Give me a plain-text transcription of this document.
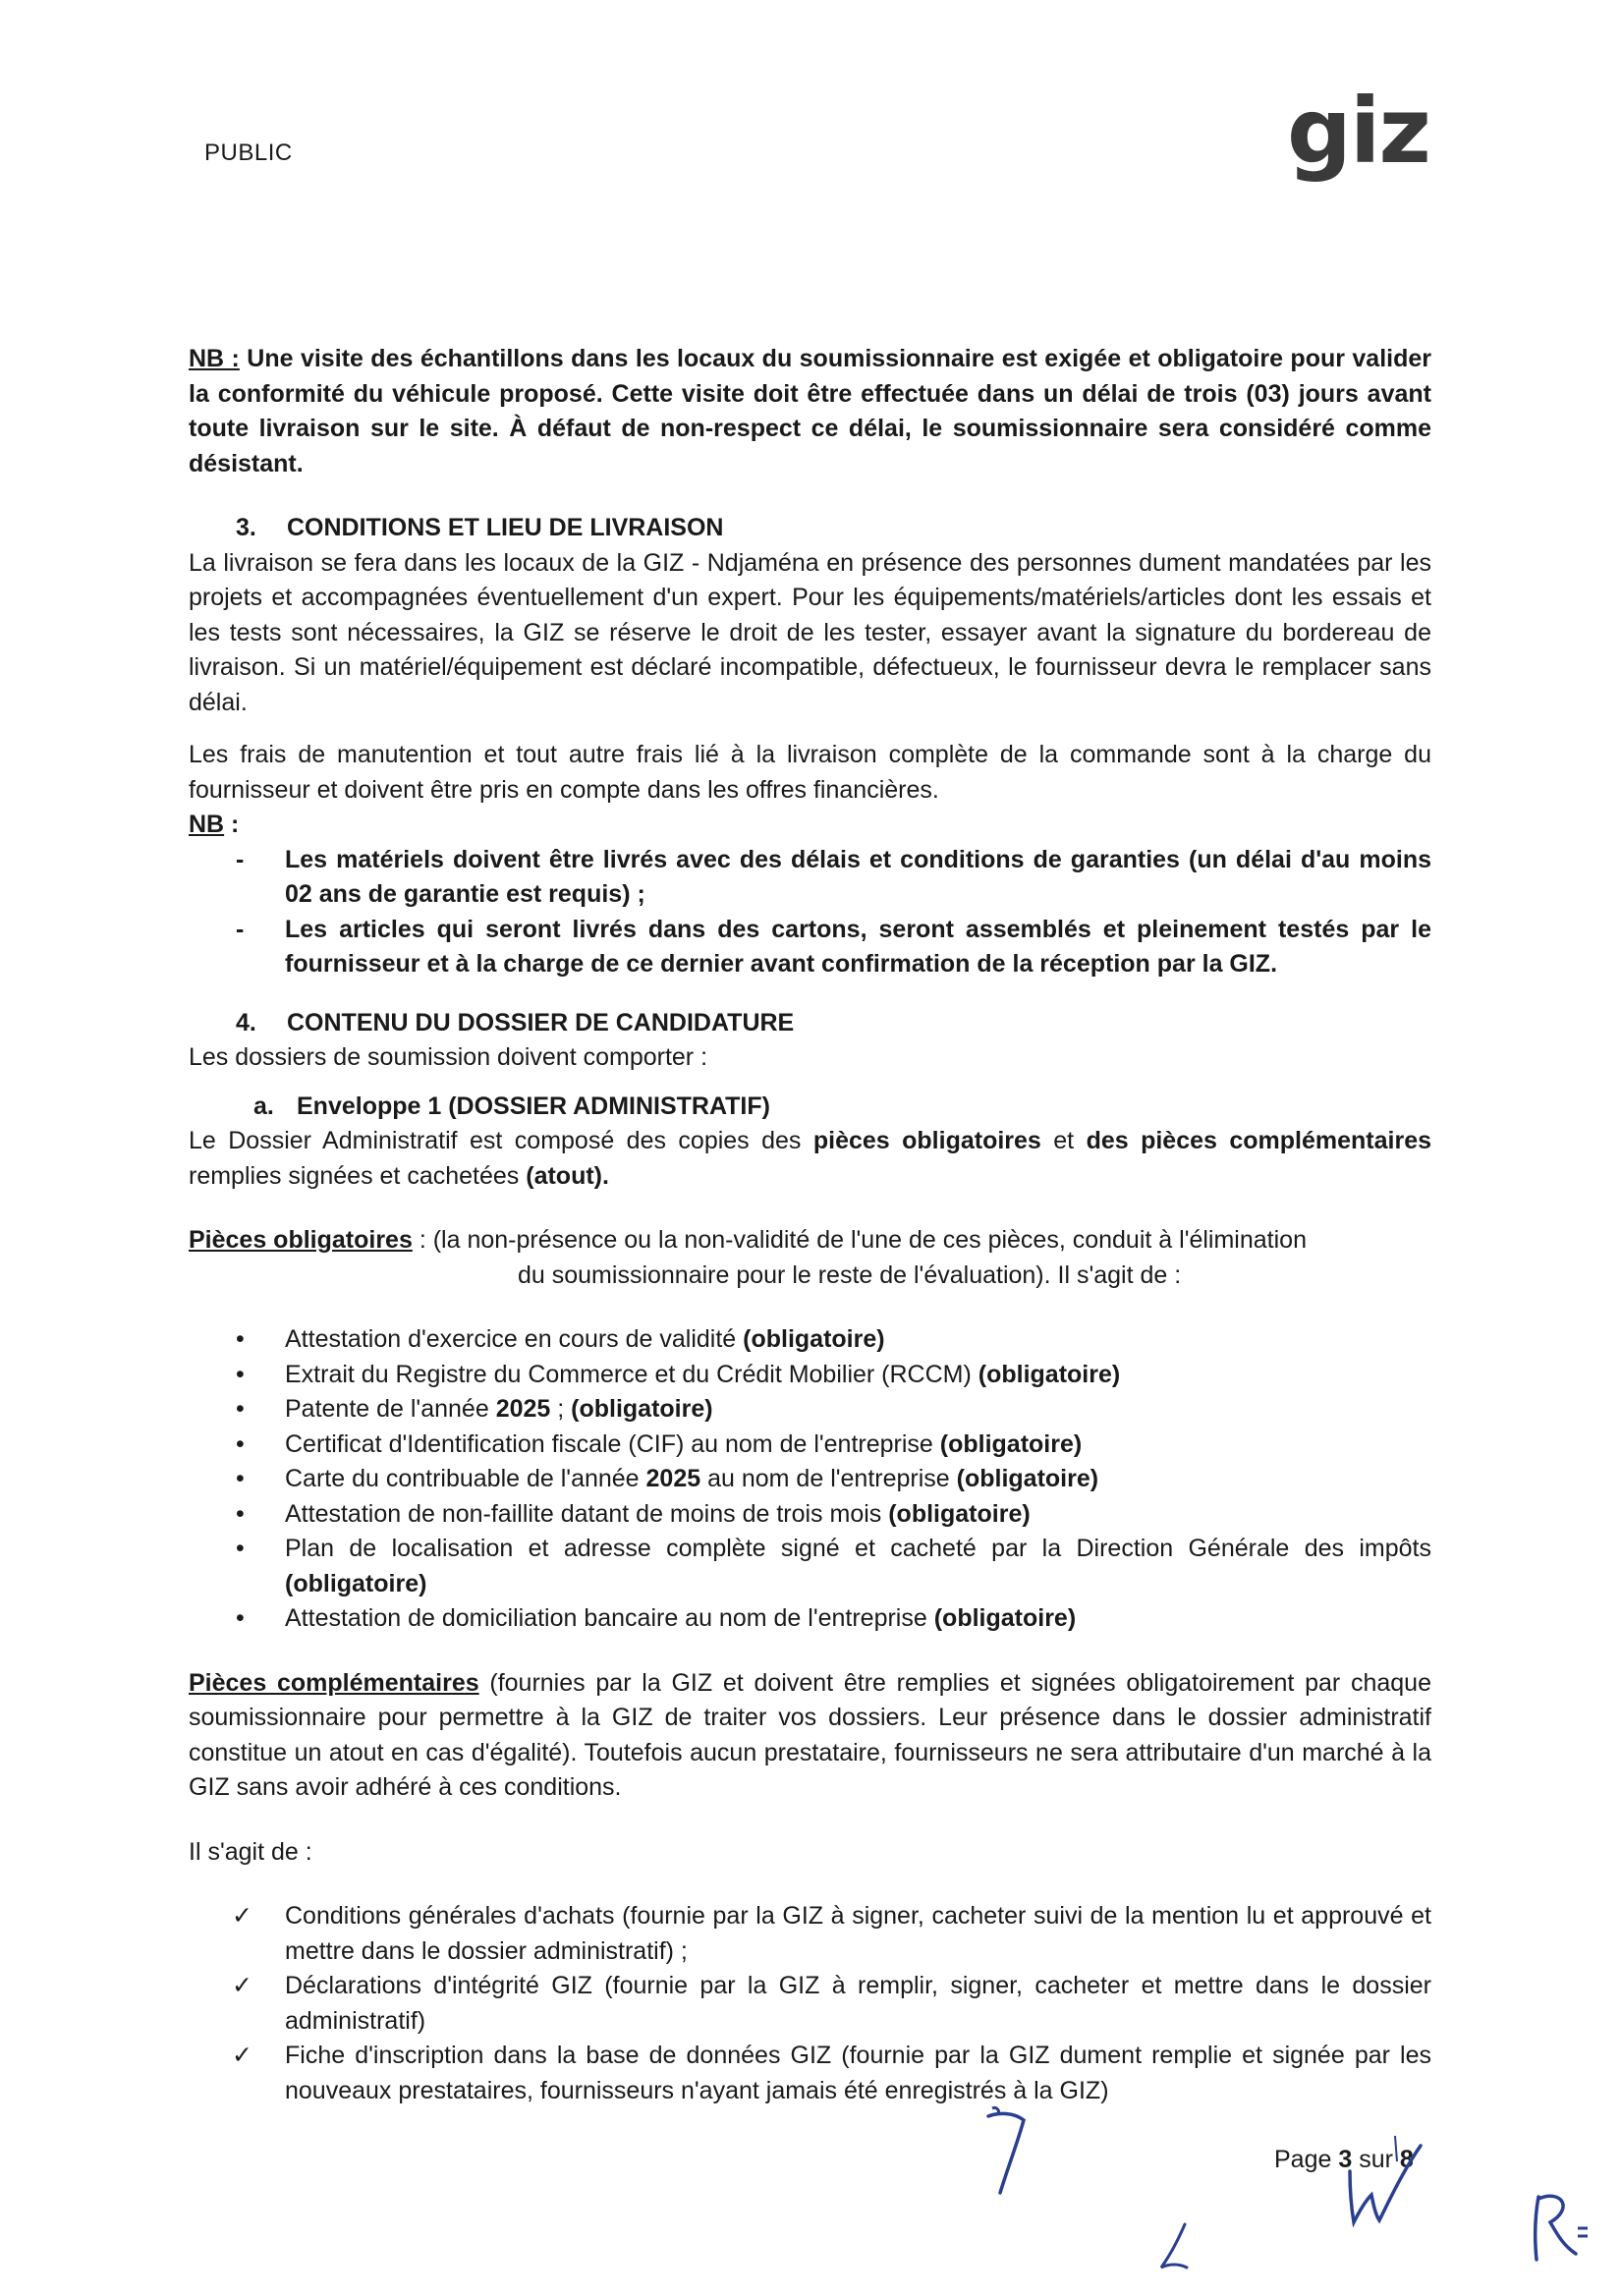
PUBLIC	giz

NB : Une visite des échantillons dans les locaux du soumissionnaire est exigée et obligatoire pour valider la conformité du véhicule proposé. Cette visite doit être effectuée dans un délai de trois (03) jours avant toute livraison sur le site. À défaut de non-respect ce délai, le soumissionnaire sera considéré comme désistant.

3. CONDITIONS ET LIEU DE LIVRAISON

La livraison se fera dans les locaux de la GIZ - Ndjaména en présence des personnes dument mandatées par les projets et accompagnées éventuellement d'un expert. Pour les équipements/matériels/articles dont les essais et les tests sont nécessaires, la GIZ se réserve le droit de les tester, essayer avant la signature du bordereau de livraison. Si un matériel/équipement est déclaré incompatible, défectueux, le fournisseur devra le remplacer sans délai.

Les frais de manutention et tout autre frais lié à la livraison complète de la commande sont à la charge du fournisseur et doivent être pris en compte dans les offres financières.

NB :

- Les matériels doivent être livrés avec des délais et conditions de garanties (un délai d'au moins 02 ans de garantie est requis) ;
- Les articles qui seront livrés dans des cartons, seront assemblés et pleinement testés par le fournisseur et à la charge de ce dernier avant confirmation de la réception par la GIZ.
4. CONTENU DU DOSSIER DE CANDIDATURE

Les dossiers de soumission doivent comporter :

a. Enveloppe 1 (DOSSIER ADMINISTRATIF)

Le Dossier Administratif est composé des copies des pièces obligatoires et des pièces complémentaires remplies signées et cachetées (atout).

Pièces obligatoires : (la non-présence ou la non-validité de l'une de ces pièces, conduit à l'élimination

du soumissionnaire pour le reste de l'évaluation). Il s'agit de :

• Attestation d'exercice en cours de validité (obligatoire)
• Extrait du Registre du Commerce et du Crédit Mobilier (RCCM) (obligatoire)
• Patente de l'année 2025 ; (obligatoire)
• Certificat d'Identification fiscale (CIF) au nom de l'entreprise (obligatoire)
• Carte du contribuable de l'année 2025 au nom de l'entreprise (obligatoire)
• Attestation de non-faillite datant de moins de trois mois (obligatoire)
• Plan de localisation et adresse complète signé et cacheté par la Direction Générale des impôts (obligatoire)
• Attestation de domiciliation bancaire au nom de l'entreprise (obligatoire)

Pièces complémentaires (fournies par la GIZ et doivent être remplies et signées obligatoirement par chaque soumissionnaire pour permettre à la GIZ de traiter vos dossiers. Leur présence dans le dossier administratif constitue un atout en cas d'égalité). Toutefois aucun prestataire, fournisseurs ne sera attributaire d'un marché à la GIZ sans avoir adhéré à ces conditions.

Il s'agit de :

✓ Conditions générales d'achats (fournie par la GIZ à signer, cacheter suivi de la mention lu et approuvé et mettre dans le dossier administratif) ;
✓ Déclarations d'intégrité GIZ (fournie par la GIZ à remplir, signer, cacheter et mettre dans le dossier administratif)
✓ Fiche d'inscription dans la base de données GIZ (fournie par la GIZ dument remplie et signée par les nouveaux prestataires, fournisseurs n'ayant jamais été enregistrés à la GIZ)
Page 3 sur 8
